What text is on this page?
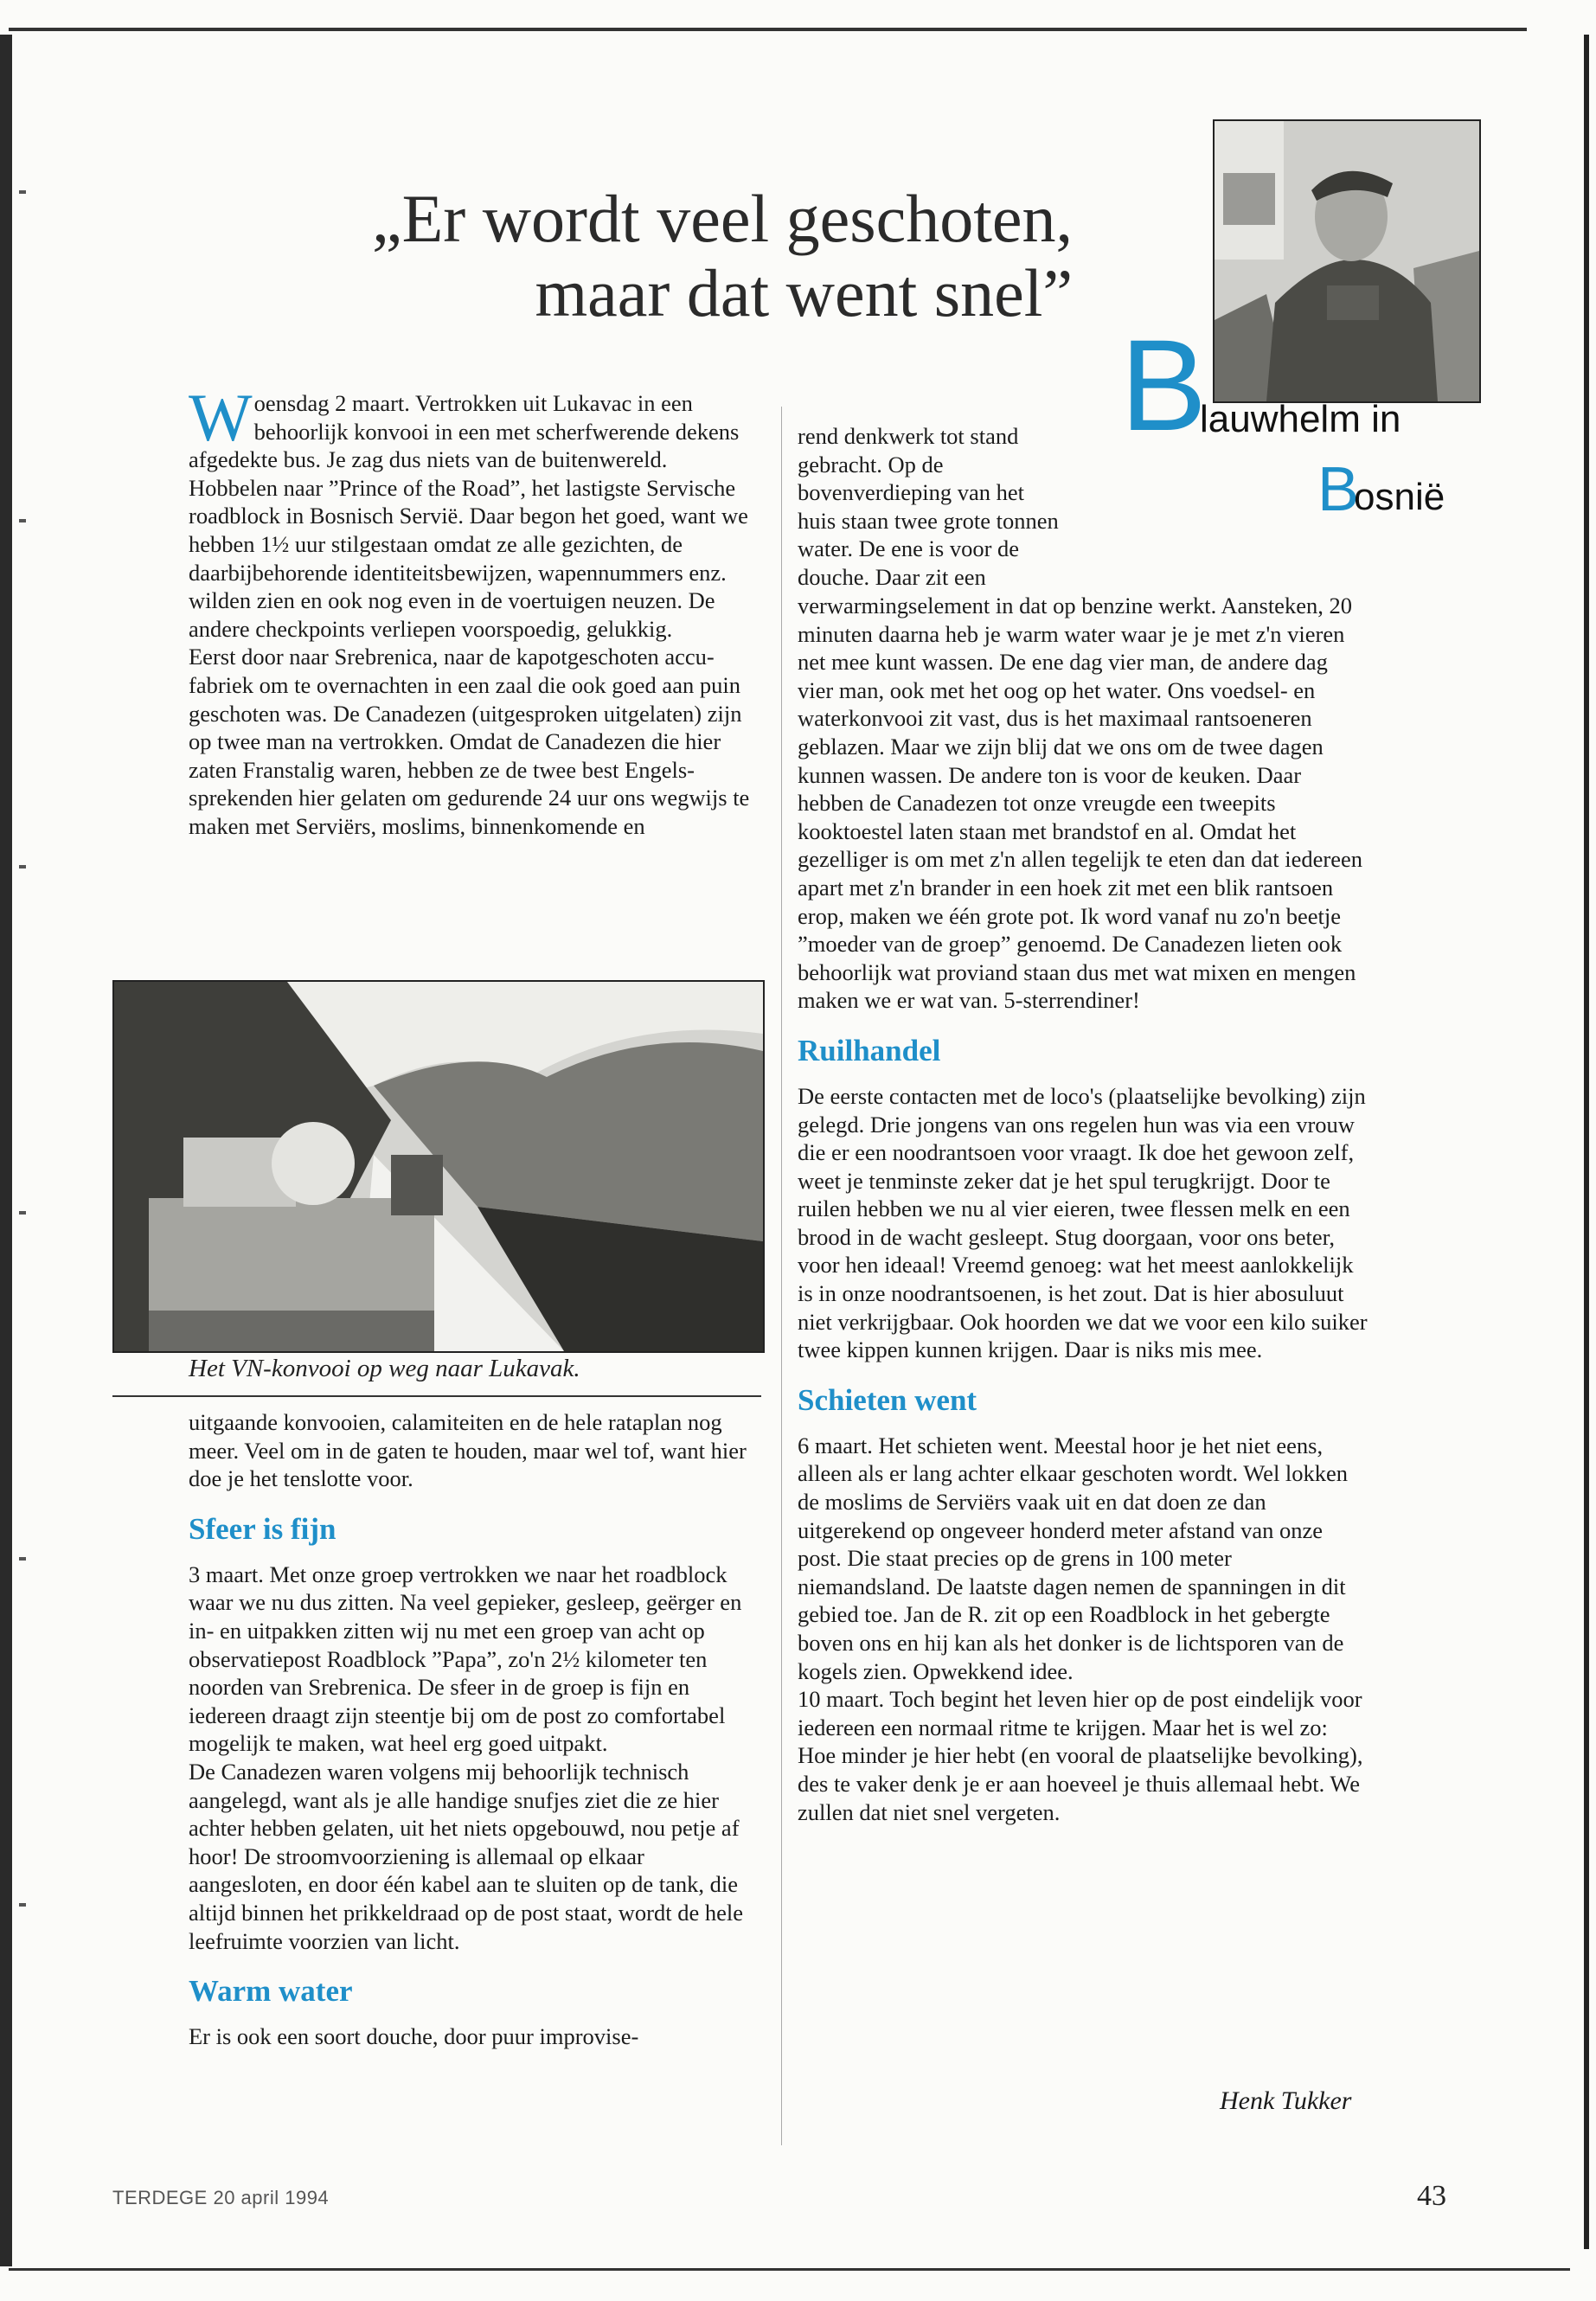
„Er wordt veel geschoten,
maar dat went snel”
B
lauwhelm in
B
osnië

Woensdag 2 maart. Vertrokken uit Lukavac in een behoorlijk konvooi in een met scherfwerende dekens afgedekte bus. Je zag dus niets van de buitenwereld. Hobbelen naar ”Prince of the Road”, het lastigste Servische roadblock in Bosnisch Servië. Daar begon het goed, want we hebben 1½ uur stilgestaan omdat ze alle gezichten, de daarbijbehorende identiteitsbewijzen, wapennummers enz. wilden zien en ook nog even in de voertuigen neuzen. De andere checkpoints verliepen voorspoedig, gelukkig.

Eerst door naar Srebrenica, naar de kapotgeschoten accu-fabriek om te overnachten in een zaal die ook goed aan puin geschoten was. De Canadezen (uitgesproken uitgelaten) zijn op twee man na vertrokken. Omdat de Canadezen die hier zaten Franstalig waren, hebben ze de twee best Engels-sprekenden hier gelaten om gedurende 24 uur ons wegwijs te maken met Serviërs, moslims, binnenkomende en

Het VN-konvooi op weg naar Lukavak.

uitgaande konvooien, calamiteiten en de hele rataplan nog meer. Veel om in de gaten te houden, maar wel tof, want hier doe je het tenslotte voor.

Sfeer is fijn

3 maart. Met onze groep vertrokken we naar het roadblock waar we nu dus zitten. Na veel gepieker, gesleep, geërger en in- en uitpakken zitten wij nu met een groep van acht op observatiepost Roadblock ”Papa”, zo'n 2½ kilometer ten noorden van Srebrenica. De sfeer in de groep is fijn en iedereen draagt zijn steentje bij om de post zo comfortabel mogelijk te maken, wat heel erg goed uitpakt.

De Canadezen waren volgens mij behoorlijk technisch aangelegd, want als je alle handige snufjes ziet die ze hier achter hebben gelaten, uit het niets opgebouwd, nou petje af hoor! De stroomvoorziening is allemaal op elkaar aangesloten, en door één kabel aan te sluiten op de tank, die altijd binnen het prikkeldraad op de post staat, wordt de hele leefruimte voorzien van licht.

Warm water

Er is ook een soort douche, door puur improvise-

rend denkwerk tot stand gebracht. Op de bovenverdieping van het huis staan twee grote tonnen water. De ene is voor de douche. Daar zit een

verwarmingselement in dat op benzine werkt. Aansteken, 20 minuten daarna heb je warm water waar je je met z'n vieren net mee kunt wassen. De ene dag vier man, de andere dag vier man, ook met het oog op het water. Ons voedsel- en waterkonvooi zit vast, dus is het maximaal rantsoeneren geblazen. Maar we zijn blij dat we ons om de twee dagen kunnen wassen. De andere ton is voor de keuken. Daar hebben de Canadezen tot onze vreugde een tweepits kooktoestel laten staan met brandstof en al. Omdat het gezelliger is om met z'n allen tegelijk te eten dan dat iedereen apart met z'n brander in een hoek zit met een blik rantsoen erop, maken we één grote pot. Ik word vanaf nu zo'n beetje ”moeder van de groep” genoemd. De Canadezen lieten ook behoorlijk wat proviand staan dus met wat mixen en mengen maken we er wat van. 5-sterrendiner!

Ruilhandel

De eerste contacten met de loco's (plaatselijke bevolking) zijn gelegd. Drie jongens van ons regelen hun was via een vrouw die er een noodrantsoen voor vraagt. Ik doe het gewoon zelf, weet je tenminste zeker dat je het spul terugkrijgt. Door te ruilen hebben we nu al vier eieren, twee flessen melk en een brood in de wacht gesleept. Stug doorgaan, voor ons beter, voor hen ideaal! Vreemd genoeg: wat het meest aanlokkelijk is in onze noodrantsoenen, is het zout. Dat is hier abosuluut niet verkrijgbaar. Ook hoorden we dat we voor een kilo suiker twee kippen kunnen krijgen. Daar is niks mis mee.

Schieten went

6 maart. Het schieten went. Meestal hoor je het niet eens, alleen als er lang achter elkaar geschoten wordt. Wel lokken de moslims de Serviërs vaak uit en dat doen ze dan uitgerekend op ongeveer honderd meter afstand van onze post. Die staat precies op de grens in 100 meter niemandsland. De laatste dagen nemen de spanningen in dit gebied toe. Jan de R. zit op een Roadblock in het gebergte boven ons en hij kan als het donker is de lichtsporen van de kogels zien. Opwekkend idee.

10 maart. Toch begint het leven hier op de post eindelijk voor iedereen een normaal ritme te krijgen. Maar het is wel zo: Hoe minder je hier hebt (en vooral de plaatselijke bevolking), des te vaker denk je er aan hoeveel je thuis allemaal hebt. We zullen dat niet snel vergeten.

Henk Tukker
TERDEGE 20 april 1994	43
